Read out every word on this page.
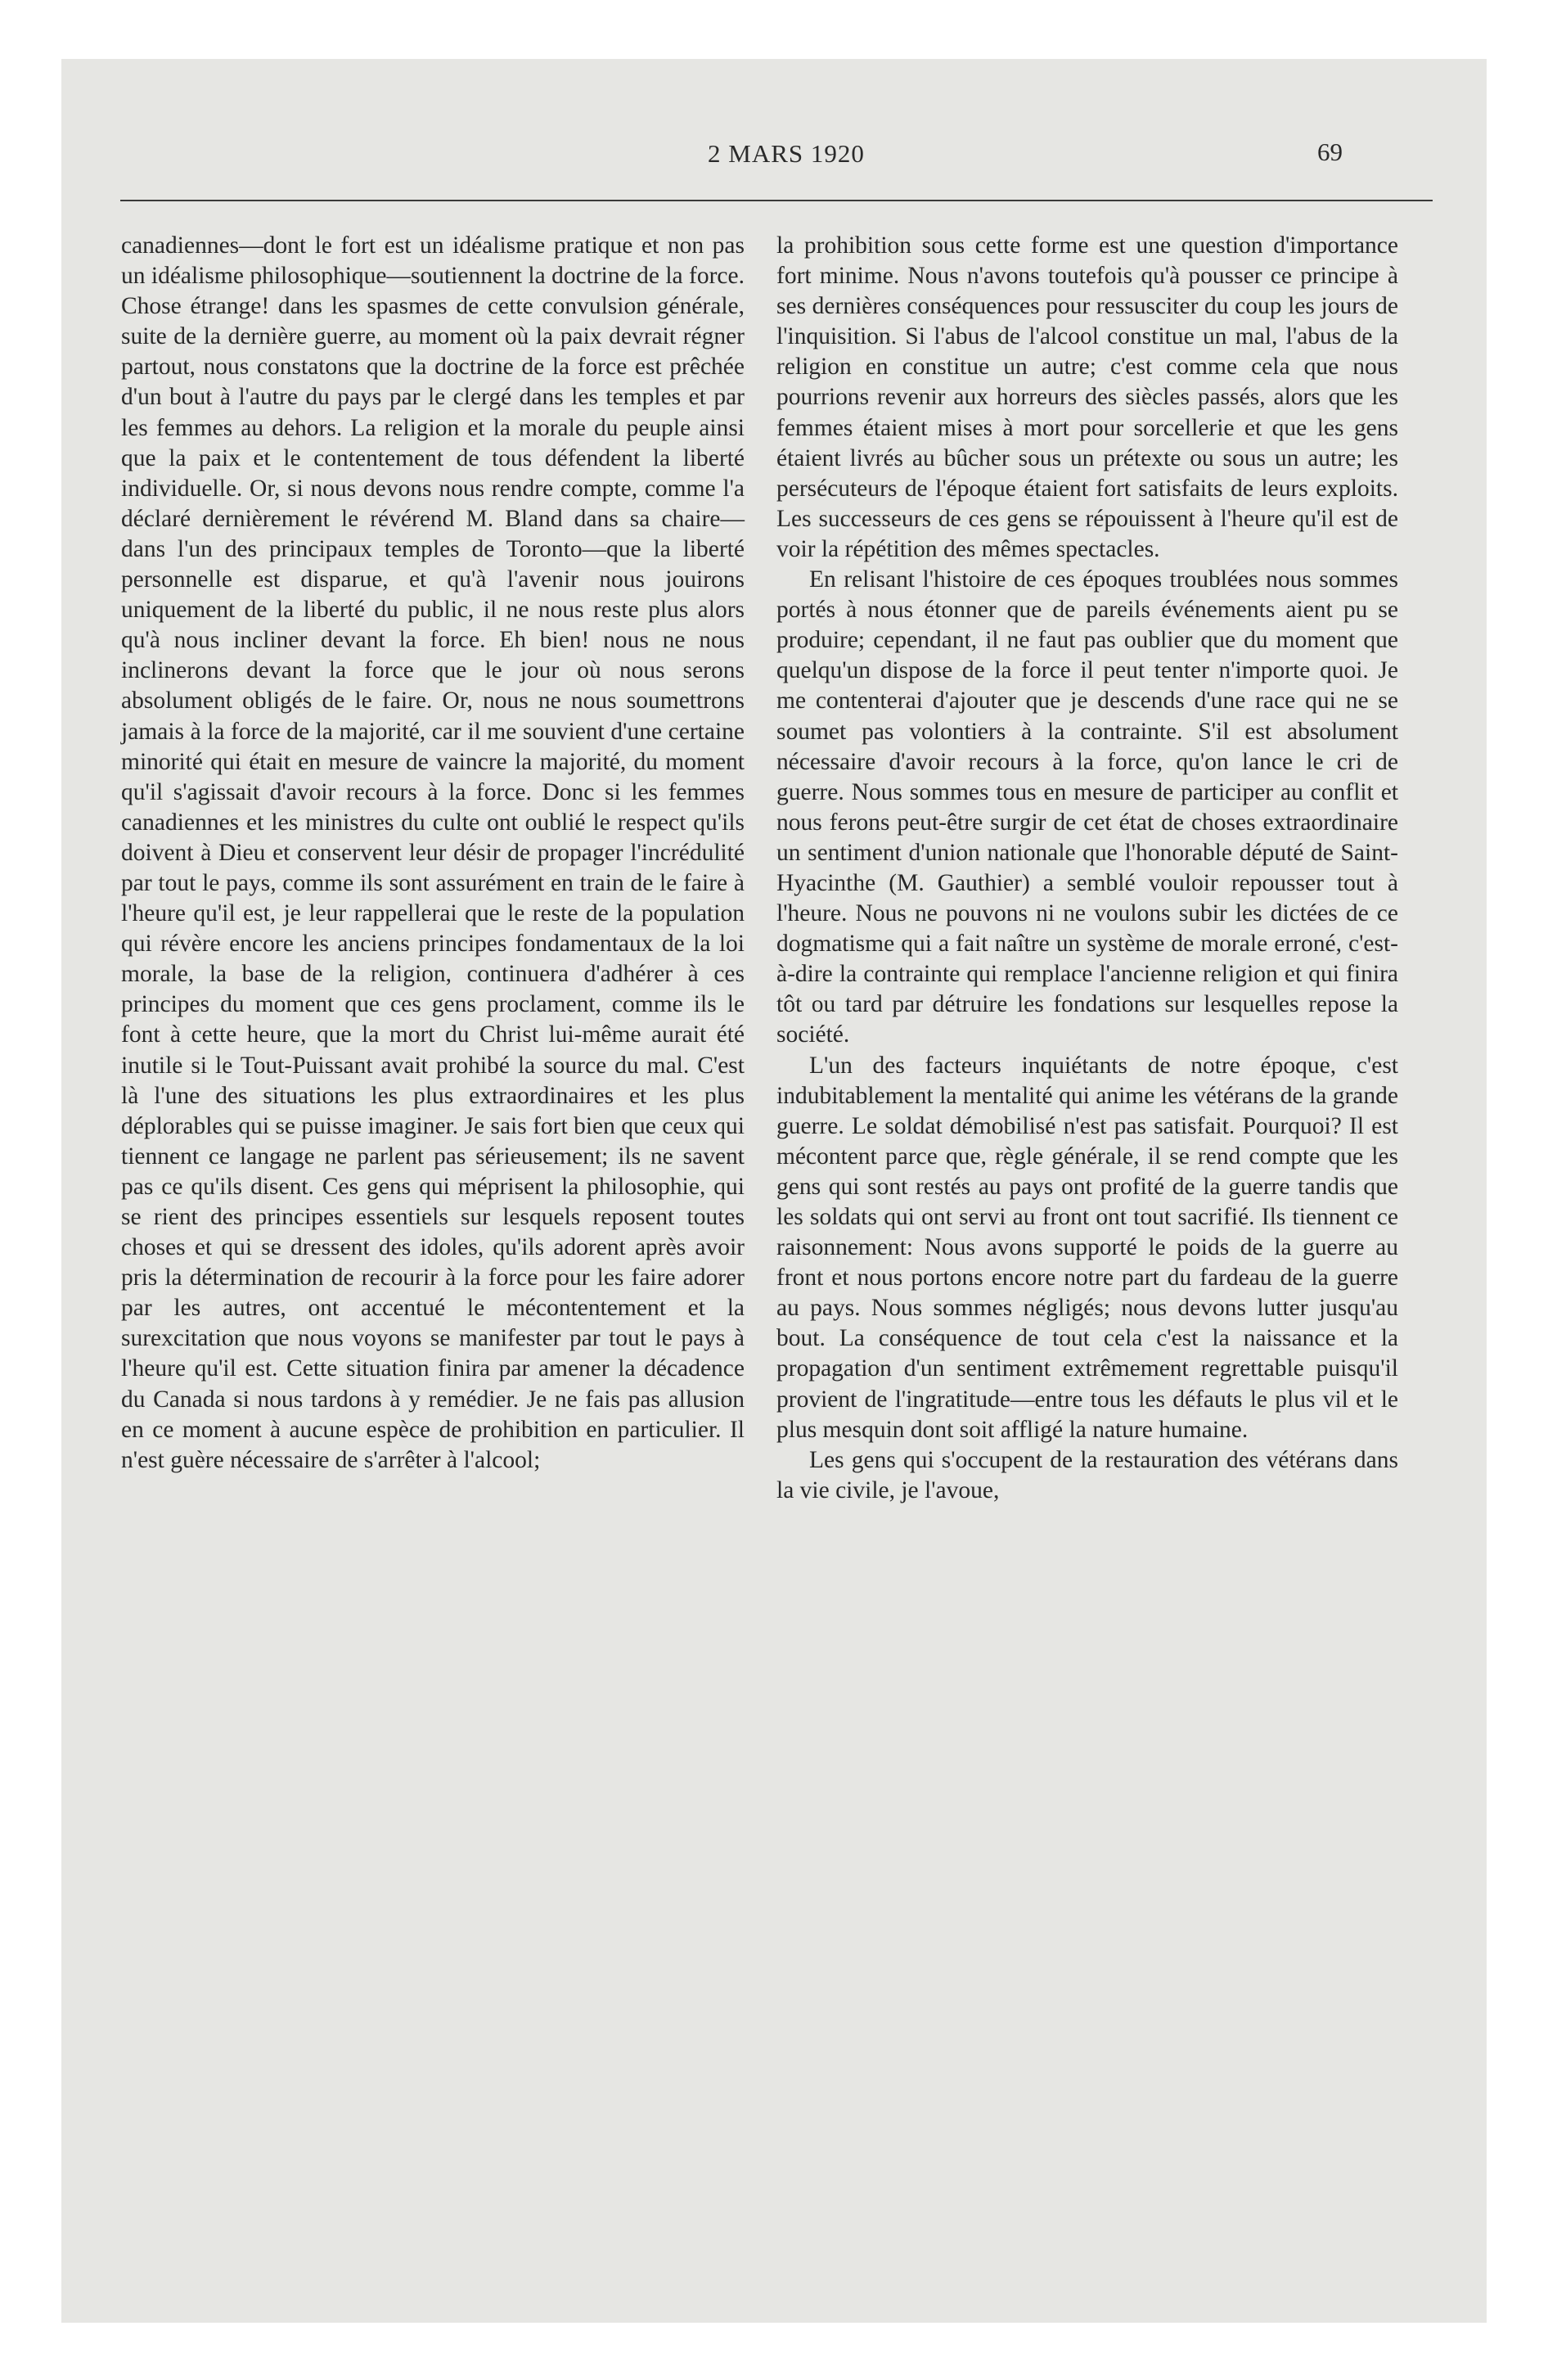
2 MARS 1920	69

canadiennes—dont le fort est un idéalisme pratique et non pas un idéalisme philosophique—soutiennent la doctrine de la force. Chose étrange! dans les spasmes de cette convulsion générale, suite de la dernière guerre, au moment où la paix devrait régner partout, nous constatons que la doctrine de la force est prêchée d'un bout à l'autre du pays par le clergé dans les temples et par les femmes au dehors. La religion et la morale du peuple ainsi que la paix et le contentement de tous défendent la liberté individuelle. Or, si nous devons nous rendre compte, comme l'a déclaré dernièrement le révérend M. Bland dans sa chaire—dans l'un des principaux temples de Toronto—que la liberté personnelle est disparue, et qu'à l'avenir nous jouirons uniquement de la liberté du public, il ne nous reste plus alors qu'à nous incliner devant la force. Eh bien! nous ne nous inclinerons devant la force que le jour où nous serons absolument obligés de le faire. Or, nous ne nous soumettrons jamais à la force de la majorité, car il me souvient d'une certaine minorité qui était en mesure de vaincre la majorité, du moment qu'il s'agissait d'avoir recours à la force. Donc si les femmes canadiennes et les ministres du culte ont oublié le respect qu'ils doivent à Dieu et conservent leur désir de propager l'incrédulité par tout le pays, comme ils sont assurément en train de le faire à l'heure qu'il est, je leur rappellerai que le reste de la population qui révère encore les anciens principes fondamentaux de la loi morale, la base de la religion, continuera d'adhérer à ces principes du moment que ces gens proclament, comme ils le font à cette heure, que la mort du Christ lui-même aurait été inutile si le Tout-Puissant avait prohibé la source du mal. C'est là l'une des situations les plus extraordinaires et les plus déplorables qui se puisse imaginer. Je sais fort bien que ceux qui tiennent ce langage ne parlent pas sérieusement; ils ne savent pas ce qu'ils disent. Ces gens qui méprisent la philosophie, qui se rient des principes essentiels sur lesquels reposent toutes choses et qui se dressent des idoles, qu'ils adorent après avoir pris la détermination de recourir à la force pour les faire adorer par les autres, ont accentué le mécontentement et la surexcitation que nous voyons se manifester par tout le pays à l'heure qu'il est. Cette situation finira par amener la décadence du Canada si nous tardons à y remédier. Je ne fais pas allusion en ce moment à aucune espèce de prohibition en particulier. Il n'est guère nécessaire de s'arrêter à l'alcool;

la prohibition sous cette forme est une question d'importance fort minime. Nous n'avons toutefois qu'à pousser ce principe à ses dernières conséquences pour ressusciter du coup les jours de l'inquisition. Si l'abus de l'alcool constitue un mal, l'abus de la religion en constitue un autre; c'est comme cela que nous pourrions revenir aux horreurs des siècles passés, alors que les femmes étaient mises à mort pour sorcellerie et que les gens étaient livrés au bûcher sous un prétexte ou sous un autre; les persécuteurs de l'époque étaient fort satisfaits de leurs exploits. Les successeurs de ces gens se répouissent à l'heure qu'il est de voir la répétition des mêmes spectacles.

En relisant l'histoire de ces époques troublées nous sommes portés à nous étonner que de pareils événements aient pu se produire; cependant, il ne faut pas oublier que du moment que quelqu'un dispose de la force il peut tenter n'importe quoi. Je me contenterai d'ajouter que je descends d'une race qui ne se soumet pas volontiers à la contrainte. S'il est absolument nécessaire d'avoir recours à la force, qu'on lance le cri de guerre. Nous sommes tous en mesure de participer au conflit et nous ferons peut-être surgir de cet état de choses extraordinaire un sentiment d'union nationale que l'honorable député de Saint-Hyacinthe (M. Gauthier) a semblé vouloir repousser tout à l'heure. Nous ne pouvons ni ne voulons subir les dictées de ce dogmatisme qui a fait naître un système de morale erroné, c'est-à-dire la contrainte qui remplace l'ancienne religion et qui finira tôt ou tard par détruire les fondations sur lesquelles repose la société.

L'un des facteurs inquiétants de notre époque, c'est indubitablement la mentalité qui anime les vétérans de la grande guerre. Le soldat démobilisé n'est pas satisfait. Pourquoi? Il est mécontent parce que, règle générale, il se rend compte que les gens qui sont restés au pays ont profité de la guerre tandis que les soldats qui ont servi au front ont tout sacrifié. Ils tiennent ce raisonnement: Nous avons supporté le poids de la guerre au front et nous portons encore notre part du fardeau de la guerre au pays. Nous sommes négligés; nous devons lutter jusqu'au bout. La conséquence de tout cela c'est la naissance et la propagation d'un sentiment extrêmement regrettable puisqu'il provient de l'ingratitude—entre tous les défauts le plus vil et le plus mesquin dont soit affligé la nature humaine.

Les gens qui s'occupent de la restauration des vétérans dans la vie civile, je l'avoue,
